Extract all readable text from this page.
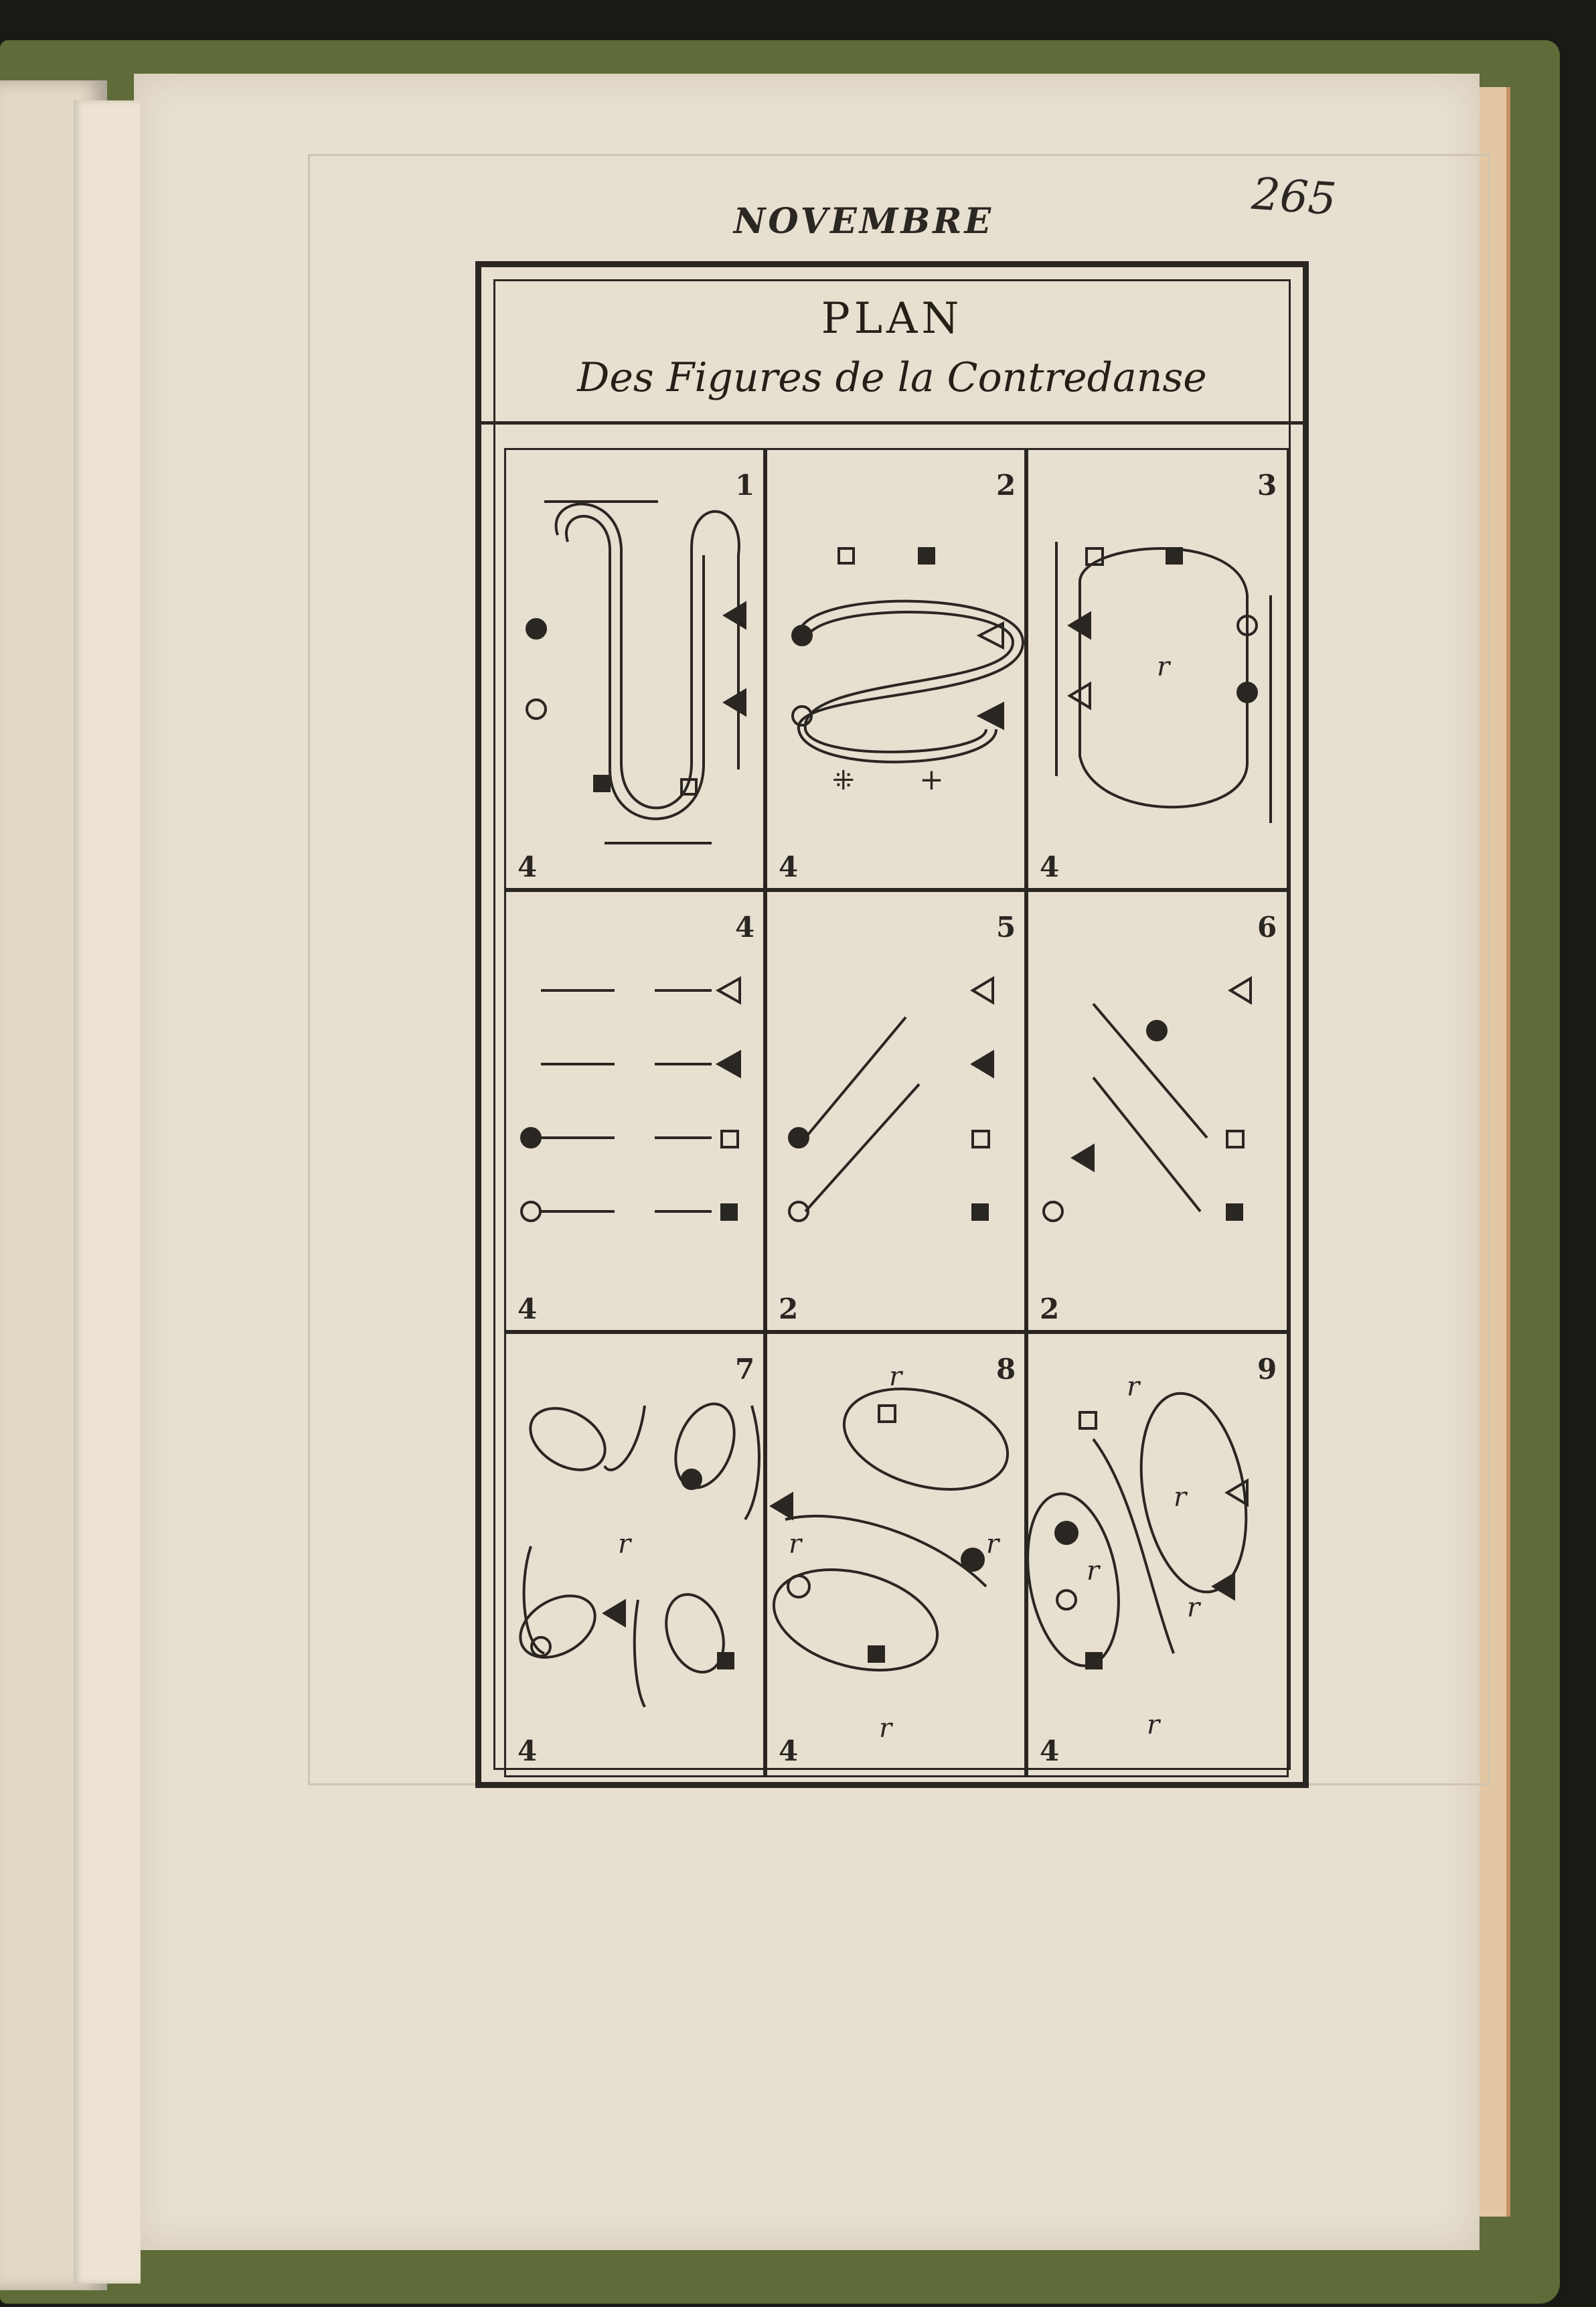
NOVEMBRE	265
PLAN
Des Figures de la Contredanse
1	2	3
4	5	6
7	8	9
4	4	4
4	2	2
4	4	4
r
r
r
r	r
r
r
r
r
r
r
⁜ +
